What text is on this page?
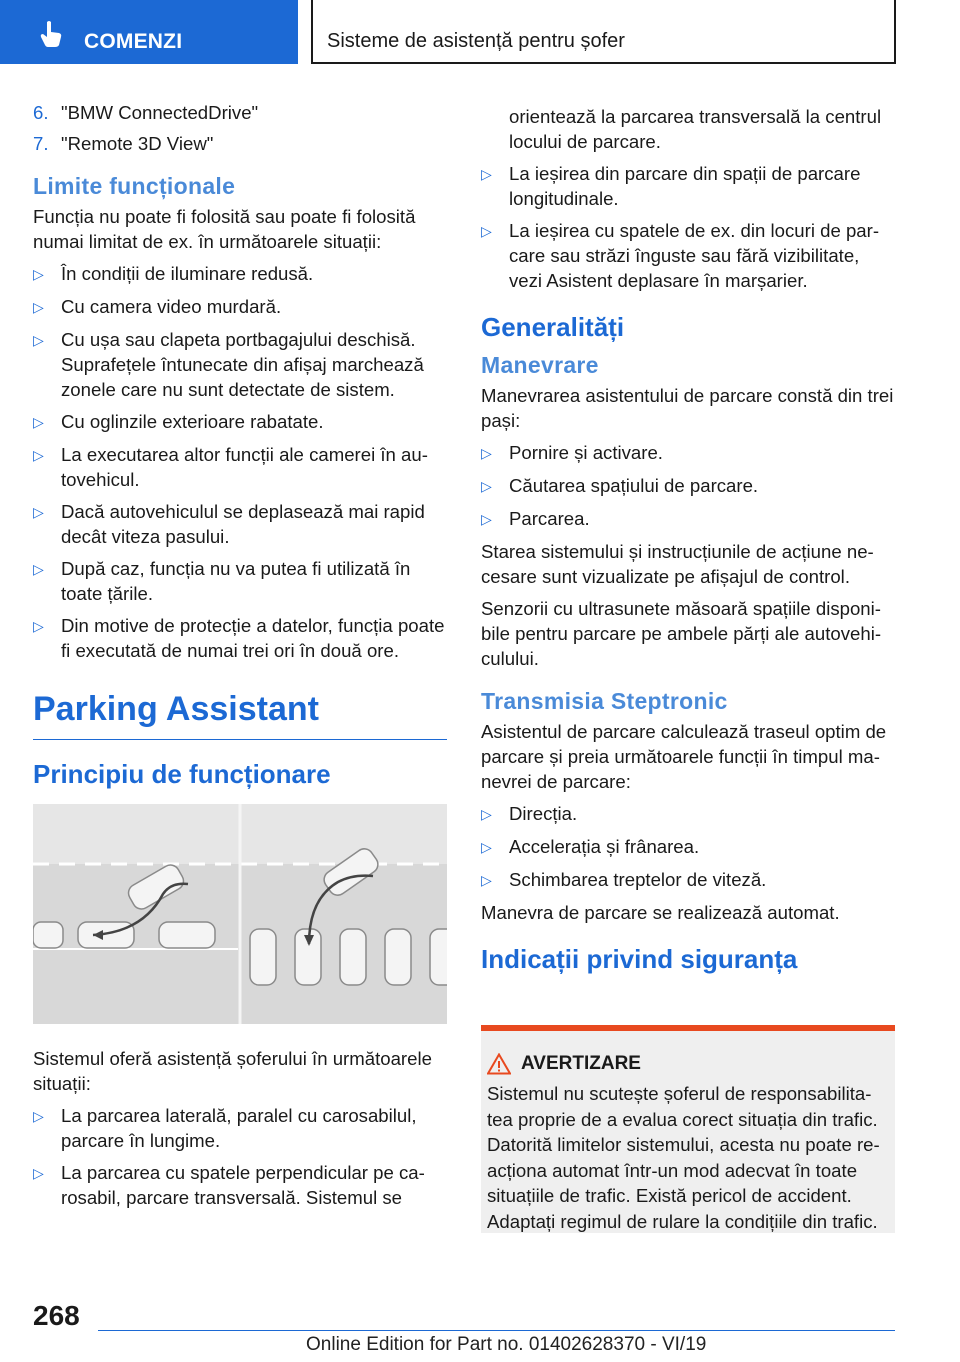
COMENZI	Sisteme de asistență pentru șofer
6. "BMW ConnectedDrive"
7. "Remote 3D View"
Limite funcționale

Funcția nu poate fi folosită sau poate fi folosită numai limitat de ex. în următoarele situații:

▷ În condiții de iluminare redusă.
▷ Cu camera video murdară.
▷ Cu ușa sau clapeta portbagajului deschisă. Suprafețele întunecate din afișaj marchează zonele care nu sunt detectate de sistem.
▷ Cu oglinzile exterioare rabatate.
▷ La executarea altor funcții ale camerei în au-tovehicul.
▷ Dacă autovehiculul se deplasează mai rapid decât viteza pasului.
▷ După caz, funcția nu va putea fi utilizată în toate țările.
▷ Din motive de protecție a datelor, funcția poate fi executată de numai trei ori în două ore.
Parking Assistant
Principiu de funcționare

Sistemul oferă asistență șoferului în următoarele situații:

▷ La parcarea laterală, paralel cu carosabilul, parcare în lungime.
▷ La parcarea cu spatele perpendicular pe ca-rosabil, parcare transversală. Sistemul se

orientează la parcarea transversală la centrul locului de parcare.

▷ La ieșirea din parcare din spații de parcare longitudinale.
▷ La ieșirea cu spatele de ex. din locuri de par-care sau străzi înguste sau fără vizibilitate, vezi Asistent deplasare în marșarier.
Generalități
Manevrare

Manevrarea asistentului de parcare constă din trei pași:

▷ Pornire și activare.
▷ Căutarea spațiului de parcare.
▷ Parcarea.

Starea sistemului și instrucțiunile de acțiune ne-cesare sunt vizualizate pe afișajul de control.

Senzorii cu ultrasunete măsoară spațiile disponi-bile pentru parcare pe ambele părți ale autovehi-culului.

Transmisia Steptronic

Asistentul de parcare calculează traseul optim de parcare și preia următoarele funcții în timpul ma-nevrei de parcare:

▷ Direcția.
▷ Accelerația și frânarea.
▷ Schimbarea treptelor de viteză.

Manevra de parcare se realizează automat.

Indicații privind siguranța
AVERTIZARE
Sistemul nu scutește șoferul de responsabilita-tea proprie de a evalua corect situația din trafic. Datorită limitelor sistemului, acesta nu poate re-acționa automat într-un mod adecvat în toate situațiile de trafic. Există pericol de accident. Adaptați regimul de rulare la condițiile din trafic.
268
Online Edition for Part no. 01402628370 - VI/19
